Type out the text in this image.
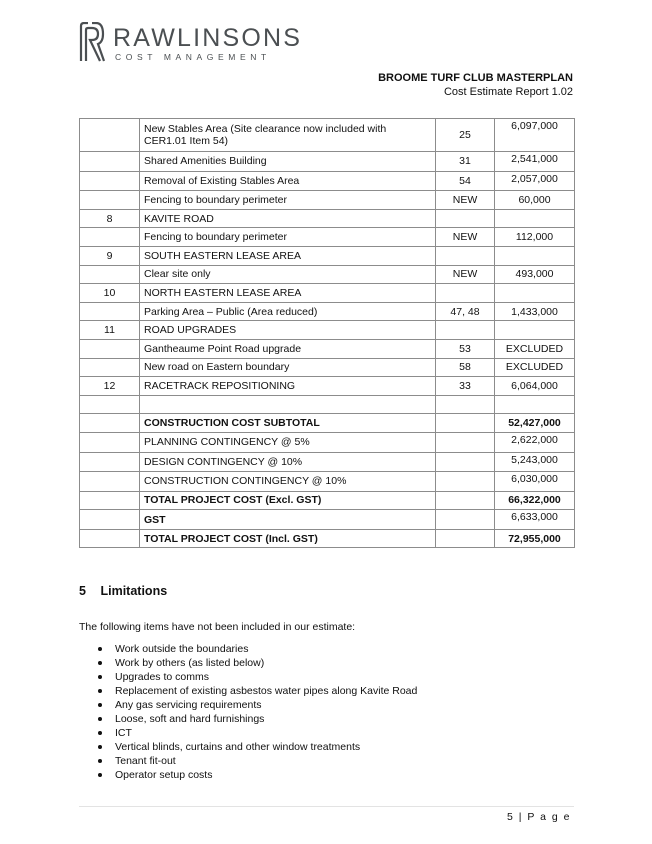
RAWLINSONS
COST MANAGEMENT
BROOME TURF CLUB MASTERPLAN
Cost Estimate Report 1.02
	New Stables Area (Site clearance now included with CER1.01 Item 54)	25	6,097,000
	Shared Amenities Building	31	2,541,000
	Removal of Existing Stables Area	54	2,057,000
	Fencing to boundary perimeter	NEW	60,000
8	KAVITE ROAD		
	Fencing to boundary perimeter	NEW	112,000
9	SOUTH EASTERN LEASE AREA		
	Clear site only	NEW	493,000
10	NORTH EASTERN LEASE AREA		
	Parking Area – Public (Area reduced)	47, 48	1,433,000
11	ROAD UPGRADES		
	Gantheaume Point Road upgrade	53	EXCLUDED
	New road on Eastern boundary	58	EXCLUDED
12	RACETRACK REPOSITIONING	33	6,064,000

	CONSTRUCTION COST SUBTOTAL		52,427,000
	PLANNING CONTINGENCY @ 5%		2,622,000
	DESIGN CONTINGENCY @ 10%		5,243,000
	CONSTRUCTION CONTINGENCY @ 10%		6,030,000
	TOTAL PROJECT COST (Excl. GST)		66,322,000
	GST		6,633,000
	TOTAL PROJECT COST (Incl. GST)		72,955,000
5 Limitations
The following items have not been included in our estimate:
Work outside the boundaries
Work by others (as listed below)
Upgrades to comms
Replacement of existing asbestos water pipes along Kavite Road
Any gas servicing requirements
Loose, soft and hard furnishings
ICT
Vertical blinds, curtains and other window treatments
Tenant fit-out
Operator setup costs
5 | P a g e
